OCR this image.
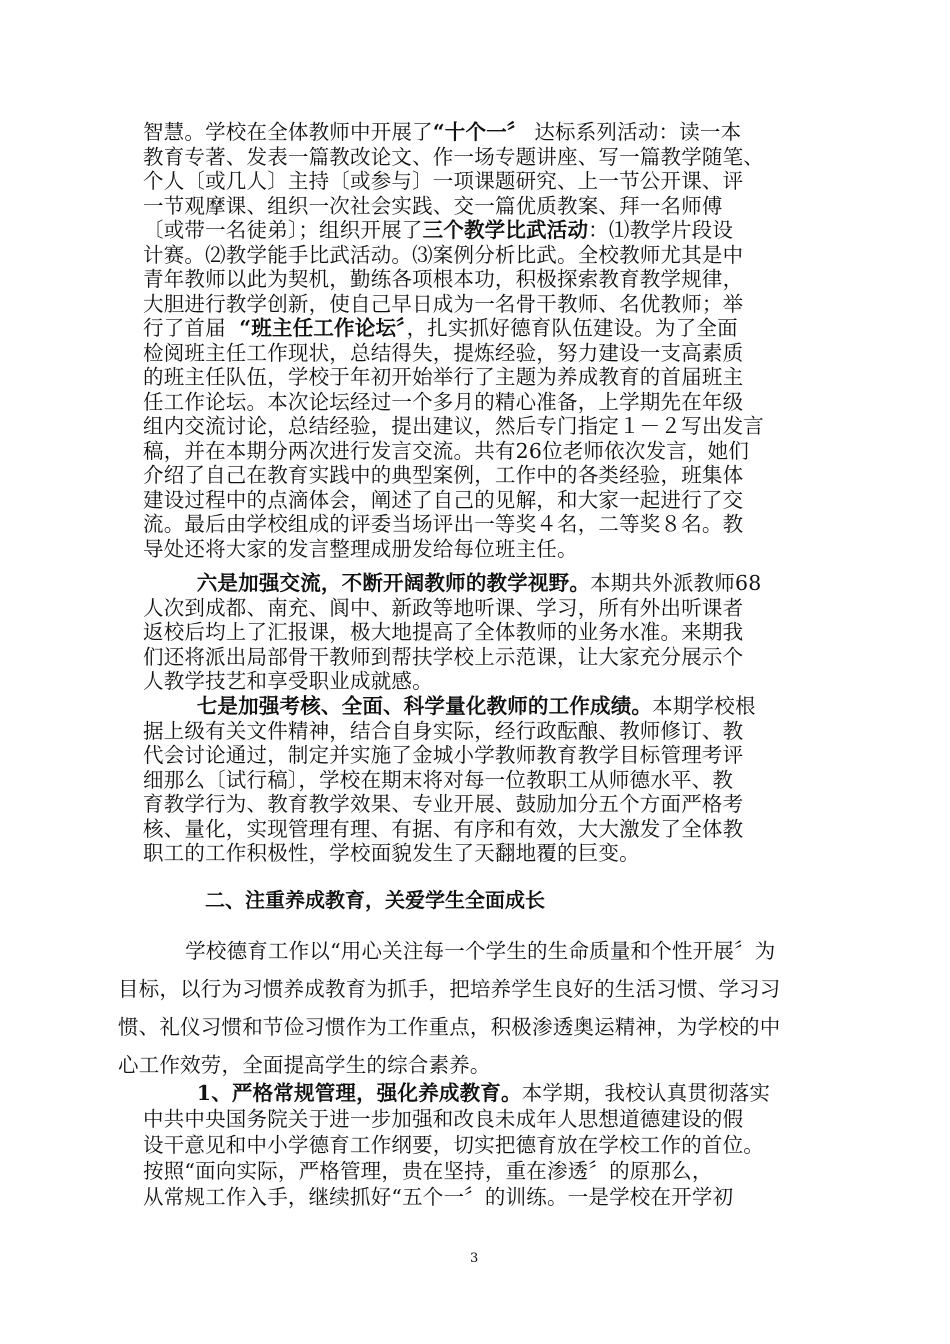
智慧。学校在全体教师中开展了“十个一〞 达标系列活动：读一本
教育专著、发表一篇教改论文、作一场专题讲座、写一篇教学随笔、
个人〔或几人〕主持〔或参与〕一项课题研究、上一节公开课、评
一节观摩课、组织一次社会实践、交一篇优质教案、拜一名师傅
〔或带一名徒弟〕；组织开展了三个教学比武活动：⑴教学片段设
计赛。⑵教学能手比武活动。⑶案例分析比武。全校教师尤其是中
青年教师以此为契机，勤练各项根本功，积极探索教育教学规律，
大胆进行教学创新，使自己早日成为一名骨干教师、名优教师；举
行了首届 “班主任工作论坛〞，扎实抓好德育队伍建设。为了全面
检阅班主任工作现状，总结得失，提炼经验，努力建设一支高素质
的班主任队伍，学校于年初开始举行了主题为养成教育的首届班主
任工作论坛。本次论坛经过一个多月的精心准备，上学期先在年级
组内交流讨论，总结经验，提出建议，然后专门指定１－２写出发言
稿，并在本期分两次进行发言交流。共有26位老师依次发言，她们
介绍了自己在教育实践中的典型案例，工作中的各类经验，班集体
建设过程中的点滴体会，阐述了自己的见解，和大家一起进行了交
流。最后由学校组成的评委当场评出一等奖４名，二等奖８名。教
导处还将大家的发言整理成册发给每位班主任。
六是加强交流，不断开阔教师的教学视野。本期共外派教师68
人次到成都、南充、阆中、新政等地听课、学习，所有外出听课者
返校后均上了汇报课，极大地提高了全体教师的业务水准。来期我
们还将派出局部骨干教师到帮扶学校上示范课，让大家充分展示个
人教学技艺和享受职业成就感。
七是加强考核、全面、科学量化教师的工作成绩。本期学校根
据上级有关文件精神，结合自身实际，经行政酝酿、教师修订、教
代会讨论通过，制定并实施了金城小学教师教育教学目标管理考评
细那么〔试行稿〕，学校在期末将对每一位教职工从师德水平、教
育教学行为、教育教学效果、专业开展、鼓励加分五个方面严格考
核、量化，实现管理有理、有据、有序和有效，大大激发了全体教
职工的工作积极性，学校面貌发生了天翻地覆的巨变。
二、注重养成教育，关爱学生全面成长
学校德育工作以“用心关注每一个学生的生命质量和个性开展〞为
目标，以行为习惯养成教育为抓手，把培养学生良好的生活习惯、学习习
惯、礼仪习惯和节俭习惯作为工作重点，积极渗透奥运精神，为学校的中
心工作效劳，全面提高学生的综合素养。
1、严格常规管理，强化养成教育。本学期，我校认真贯彻落实
中共中央国务院关于进一步加强和改良未成年人思想道德建设的假
设干意见和中小学德育工作纲要，切实把德育放在学校工作的首位。
按照“面向实际，严格管理，贵在坚持，重在渗透〞的原那么，
从常规工作入手，继续抓好“五个一〞的训练。一是学校在开学初
3
